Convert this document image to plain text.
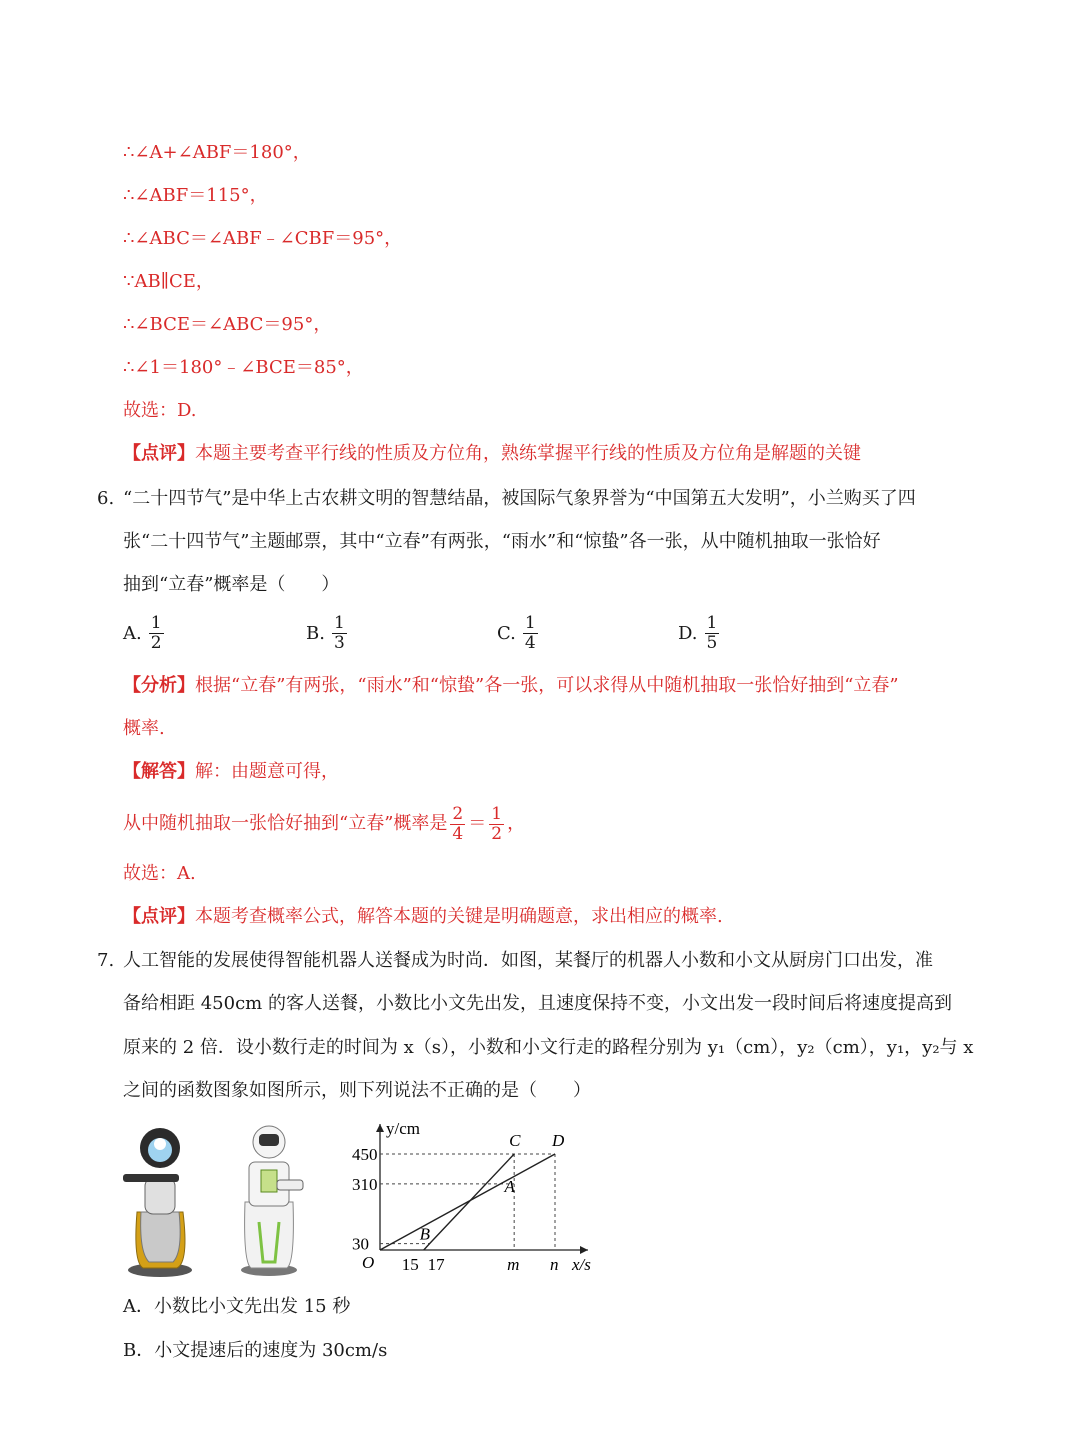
∴∠A+∠ABF＝180°，
∴∠ABF＝115°，
∴∠ABC＝∠ABF﹣∠CBF＝95°，
∵AB∥CE，
∴∠BCE＝∠ABC＝95°，
∴∠1＝180°﹣∠BCE＝85°，
故选：D.
【点评】本题主要考查平行线的性质及方位角，熟练掌握平行线的性质及方位角是解题的关键
6. “二十四节气”是中华上古农耕文明的智慧结晶，被国际气象界誉为“中国第五大发明”，小兰购买了四
张“二十四节气”主题邮票，其中“立春”有两张，“雨水”和“惊蛰”各一张，从中随机抽取一张恰好
抽到“立春”概率是（　　）
A. $\frac{1}{2}$	B. $\frac{1}{3}$	C. $\frac{1}{4}$	D. $\frac{1}{5}$
【分析】根据“立春”有两张，“雨水”和“惊蛰”各一张，可以求得从中随机抽取一张恰好抽到“立春”
概率.
【解答】解：由题意可得，
从中随机抽取一张恰好抽到“立春”概率是 $\frac{2}{4} = \frac{1}{2}$ ，
故选：A.
【点评】本题考查概率公式，解答本题的关键是明确题意，求出相应的概率.
7. 人工智能的发展使得智能机器人送餐成为时尚．如图，某餐厅的机器人小数和小文从厨房门口出发，准
备给相距 450cm 的客人送餐，小数比小文先出发，且速度保持不变，小文出发一段时间后将速度提高到
原来的 2 倍．设小数行走的时间为 x（s），小数和小文行走的路程分别为 y₁（cm），y₂（cm），y₁，y₂与 x
之间的函数图象如图所示，则下列说法不正确的是（　　）
y/cm
x/s
O
30
310
450
15 17	m n
C D
A
B
A．小数比小文先出发 15 秒
B．小文提速后的速度为 30cm/s
